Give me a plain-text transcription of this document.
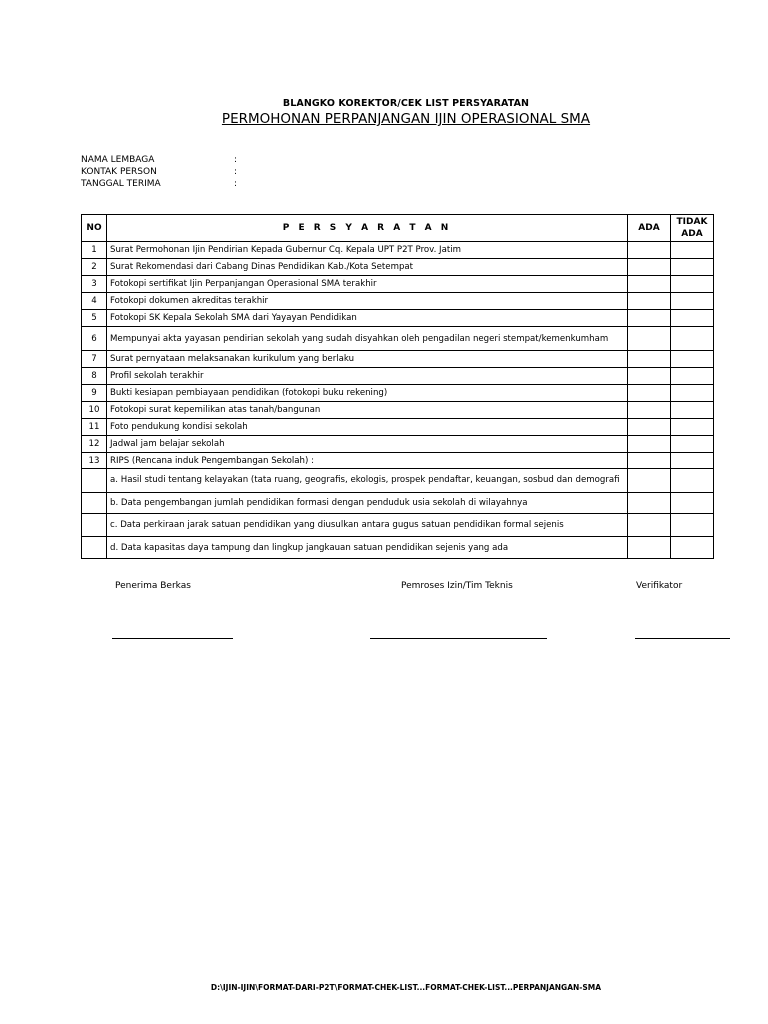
BLANGKO KOREKTOR/CEK LIST PERSYARATAN
PERMOHONAN PERPANJANGAN IJIN OPERASIONAL SMA
NAMA LEMBAGA	:
KONTAK PERSON	:
TANGGAL TERIMA	:
NO	P E R S Y A R A T A N	ADA	TIDAK ADA
1	Surat Permohonan Ijin Pendirian Kepada Gubernur Cq. Kepala UPT P2T Prov. Jatim		
2	Surat Rekomendasi dari Cabang Dinas Pendidikan Kab./Kota Setempat		
3	Fotokopi sertifikat Ijin Perpanjangan Operasional SMA terakhir		
4	Fotokopi dokumen akreditas terakhir		
5	Fotokopi SK Kepala Sekolah SMA dari Yayayan Pendidikan		
6	Mempunyai akta yayasan pendirian sekolah yang sudah disyahkan oleh pengadilan negeri stempat/kemenkumham		
7	Surat pernyataan melaksanakan kurikulum yang berlaku		
8	Profil sekolah terakhir		
9	Bukti kesiapan pembiayaan pendidikan (fotokopi buku rekening)		
10	Fotokopi surat kepemilikan atas tanah/bangunan		
11	Foto pendukung kondisi sekolah		
12	Jadwal jam belajar sekolah		
13	RIPS (Rencana induk Pengembangan Sekolah) :		
	a. Hasil studi tentang kelayakan (tata ruang, geografis, ekologis, prospek pendaftar, keuangan, sosbud dan demografi		
	b. Data pengembangan jumlah pendidikan formasi dengan penduduk usia sekolah di wilayahnya		
	c. Data perkiraan jarak satuan pendidikan yang diusulkan antara gugus satuan pendidikan formal sejenis		
	d. Data kapasitas daya tampung dan lingkup jangkauan satuan pendidikan sejenis yang ada		
Penerima Berkas	Pemroses Izin/Tim Teknis	Verifikator
D:\IJIN-IJIN\FORMAT-DARI-P2T\FORMAT-CHEK-LIST...FORMAT-CHEK-LIST...PERPANJANGAN-SMA
